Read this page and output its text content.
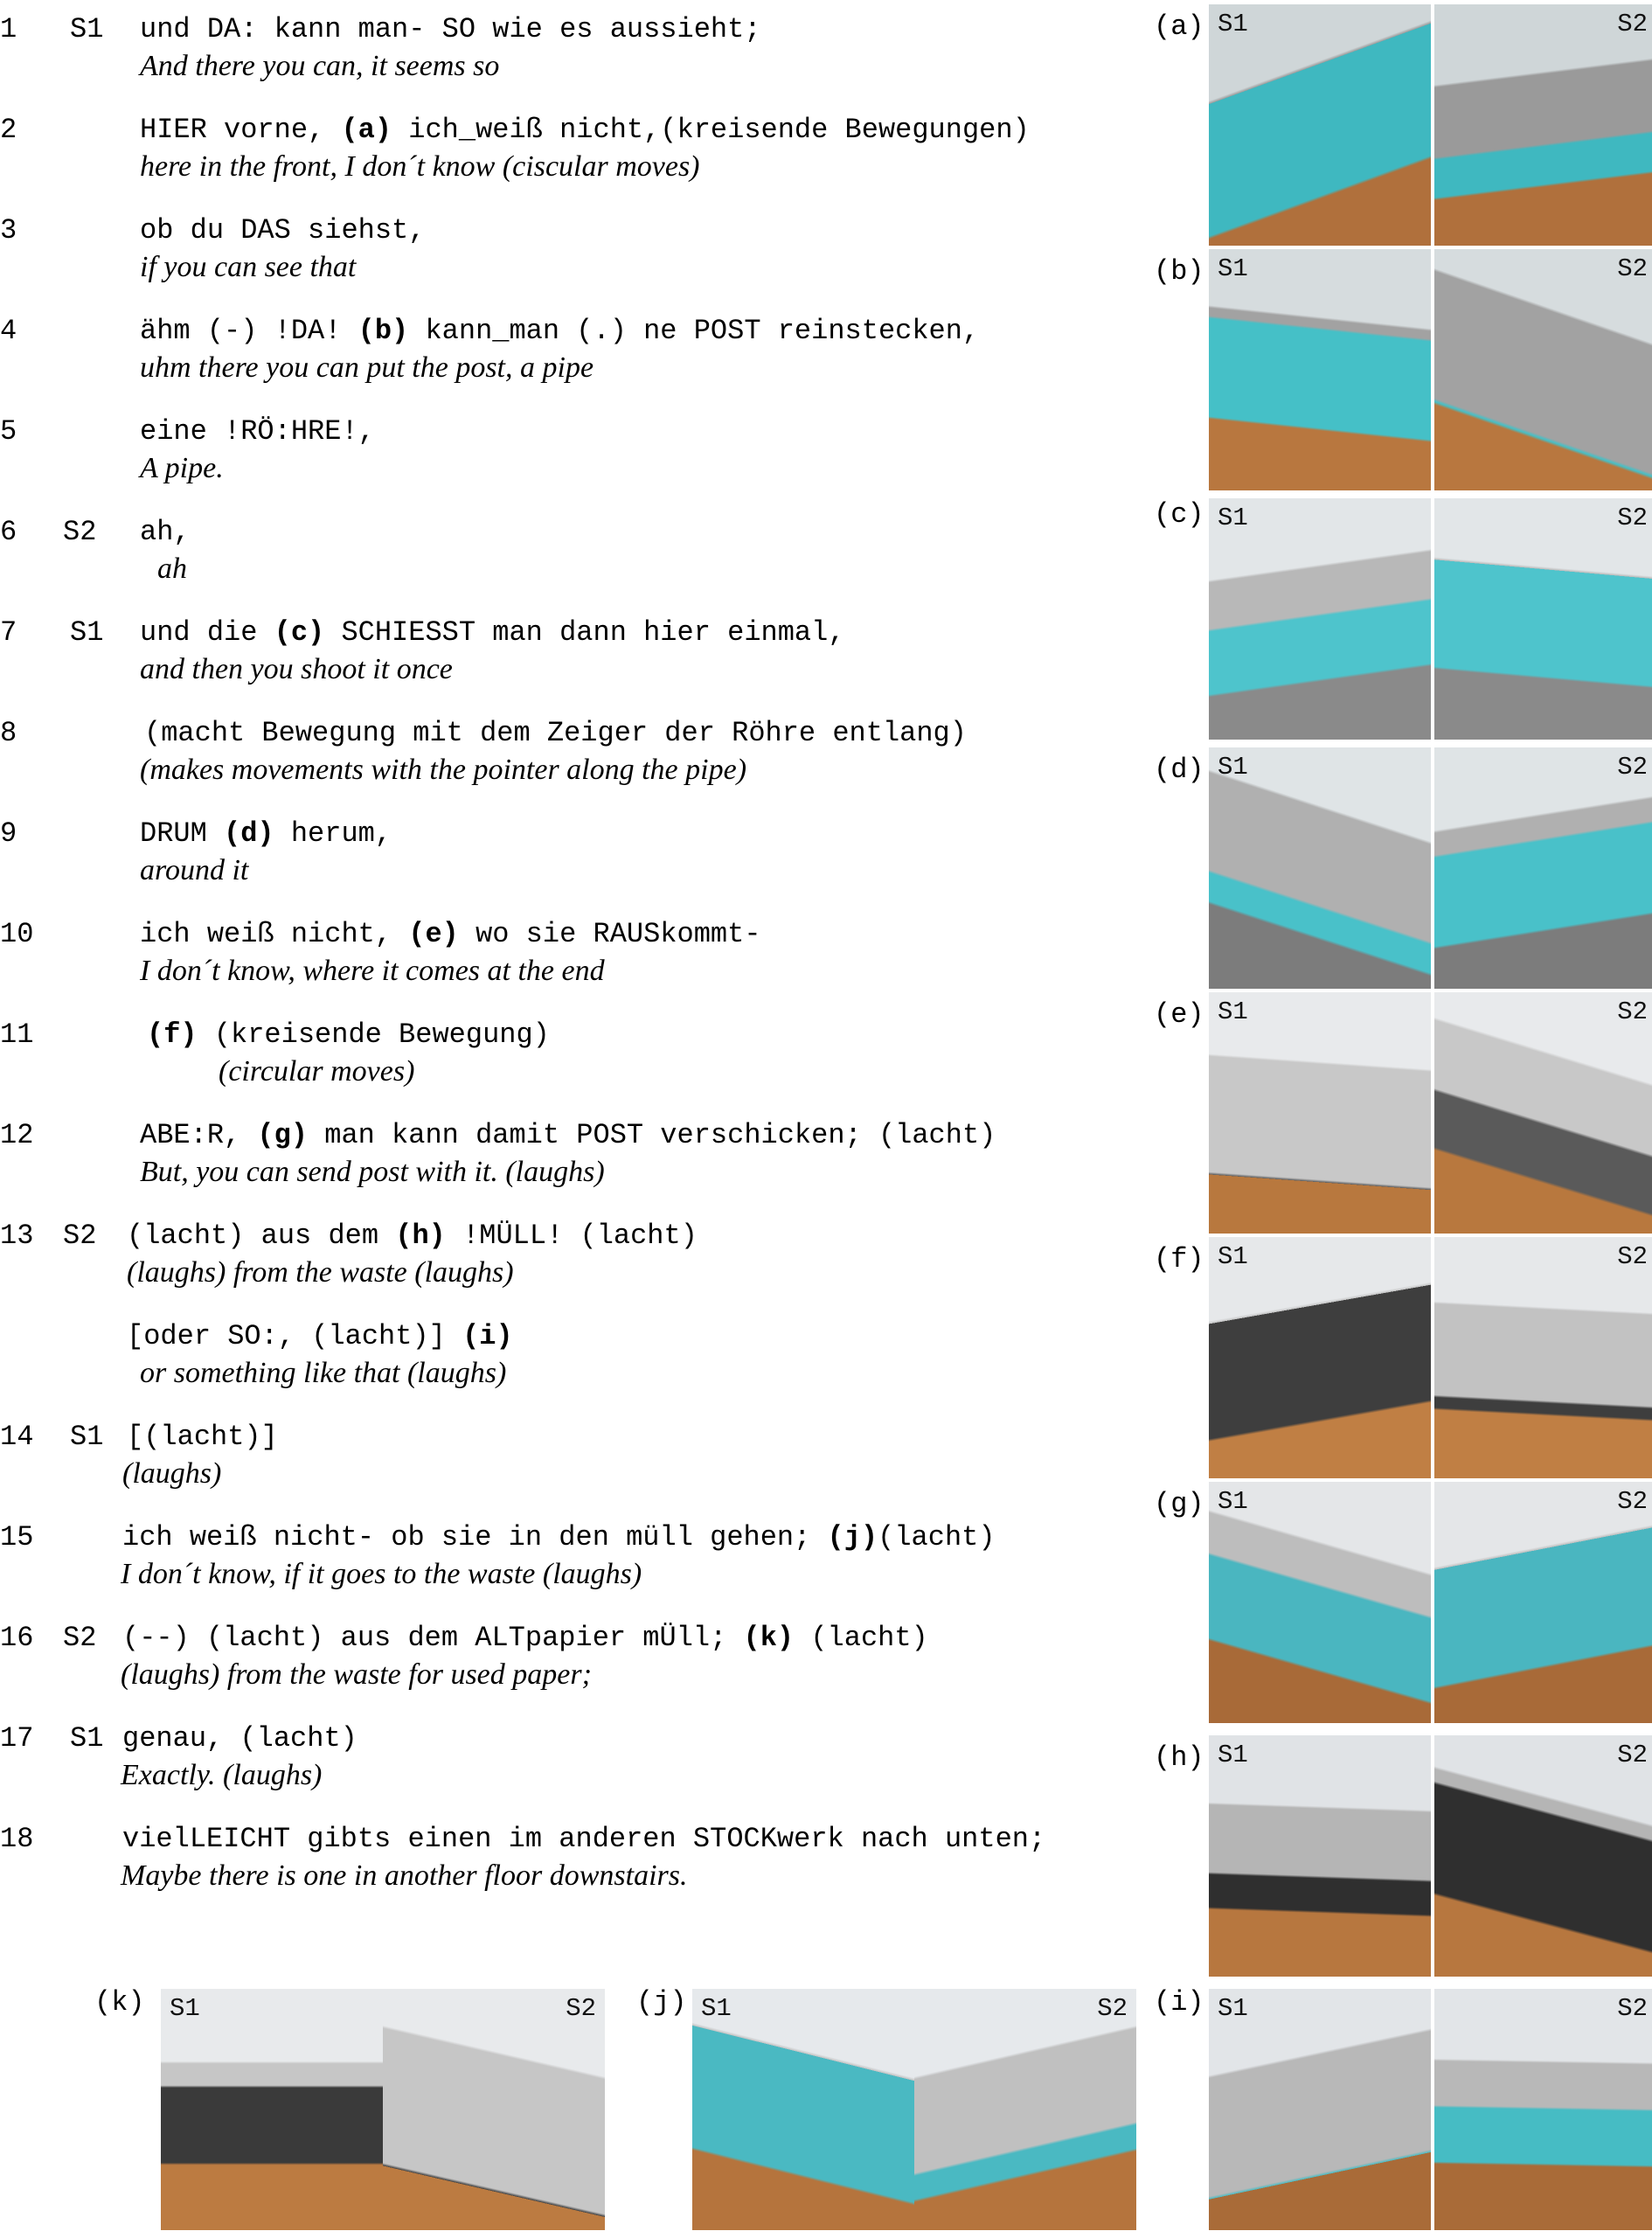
1 S1 und DA: kann man- SO wie es aussieht;
And there you can, it seems so
2	HIER vorne, (a) ich_weiß nicht,(kreisende Bewegungen)
here in the front, I don´t know (ciscular moves)
3	ob du DAS siehst,
if you can see that
4	ähm (-) !DA! (b) kann_man (.) ne POST reinstecken,
uhm there you can put the post, a pipe
5	eine !RÖ:HRE!,
A pipe.
6 S2 ah,
ah
7 S1 und die (c) SCHIESST man dann hier einmal,
and then you shoot it once
8	(macht Bewegung mit dem Zeiger der Röhre entlang)
(makes movements with the pointer along the pipe)
9	DRUM (d) herum,
around it
10	ich weiß nicht, (e) wo sie RAUSkommt-
I don´t know, where it comes at the end
11	(f) (kreisende Bewegung)
(circular moves)
12	ABE:R, (g) man kann damit POST verschicken; (lacht)
But, you can send post with it. (laughs)
13 S2 (lacht) aus dem (h) !MÜLL! (lacht)
(laughs) from the waste (laughs)
[oder SO:, (lacht)] (i)
or something like that (laughs)
14 S1 [(lacht)]
(laughs)
15	ich weiß nicht- ob sie in den müll gehen; (j)(lacht)
I don´t know, if it goes to the waste (laughs)
16 S2 (--) (lacht) aus dem ALTpapier mÜll; (k) (lacht)
(laughs) from the waste for used paper;
17 S1 genau, (lacht)
Exactly. (laughs)
18	vielLEICHT gibts einen im anderen STOCKwerk nach unten;
Maybe there is one in another floor downstairs.
(a) S1	S2
(b) S1	S2
(c) S1	S2
(d) S1	S2
(e) S1	S2
(f) S1	S2
(g) S1	S2
(h) S1	S2
(i) S1	S2
(j) S1	S2
(k) S1	S2
